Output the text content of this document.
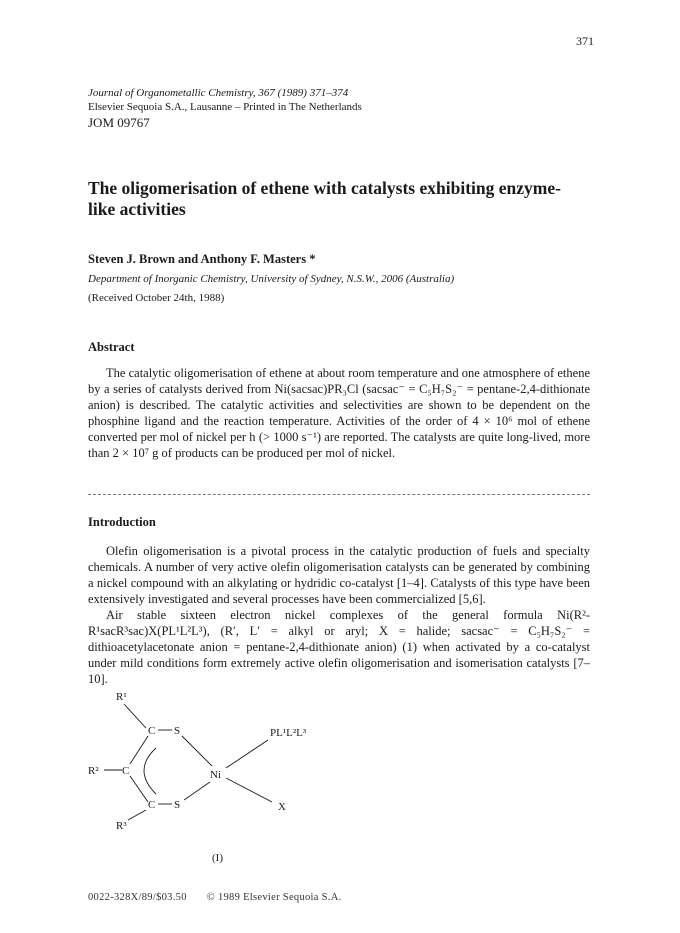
371
Journal of Organometallic Chemistry, 367 (1989) 371–374
Elsevier Sequoia S.A., Lausanne – Printed in The Netherlands
JOM 09767
The oligomerisation of ethene with catalysts exhibiting enzyme-like activities
Steven J. Brown and Anthony F. Masters *
Department of Inorganic Chemistry, University of Sydney, N.S.W., 2006 (Australia)
(Received October 24th, 1988)
Abstract
The catalytic oligomerisation of ethene at about room temperature and one atmosphere of ethene by a series of catalysts derived from Ni(sacsac)PR₃Cl (sacsac⁻ = C₅H₇S₂⁻ = pentane-2,4-dithionate anion) is described. The catalytic activities and selectivities are shown to be dependent on the phosphine ligand and the reaction temperature. Activities of the order of 4 × 10⁶ mol of ethene converted per mol of nickel per h (> 1000 s⁻¹) are reported. The catalysts are quite long-lived, more than 2 × 10⁷ g of products can be produced per mol of nickel.
Introduction
Olefin oligomerisation is a pivotal process in the catalytic production of fuels and specialty chemicals. A number of very active olefin oligomerisation catalysts can be generated by combining a nickel compound with an alkylating or hydridic co-catalyst [1–4]. Catalysts of this type have been extensively investigated and several processes have been commercialized [5,6].
Air stable sixteen electron nickel complexes of the general formula Ni(R²-R¹sacR³sac)X(PL¹L²L³), (R′, L′ = alkyl or aryl; X = halide; sacsac⁻ = C₅H₇S₂⁻ = dithioacetylacetonate anion = pentane-2,4-dithionate anion) (1) when activated by a co-catalyst under mild conditions form extremely active olefin oligomerisation and isomerisation catalysts [7–10].
R¹
C S
R² C	Ni
PL¹L²L³
X
S
C
R³
(I)
0022-328X/89/$03.50 © 1989 Elsevier Sequoia S.A.
